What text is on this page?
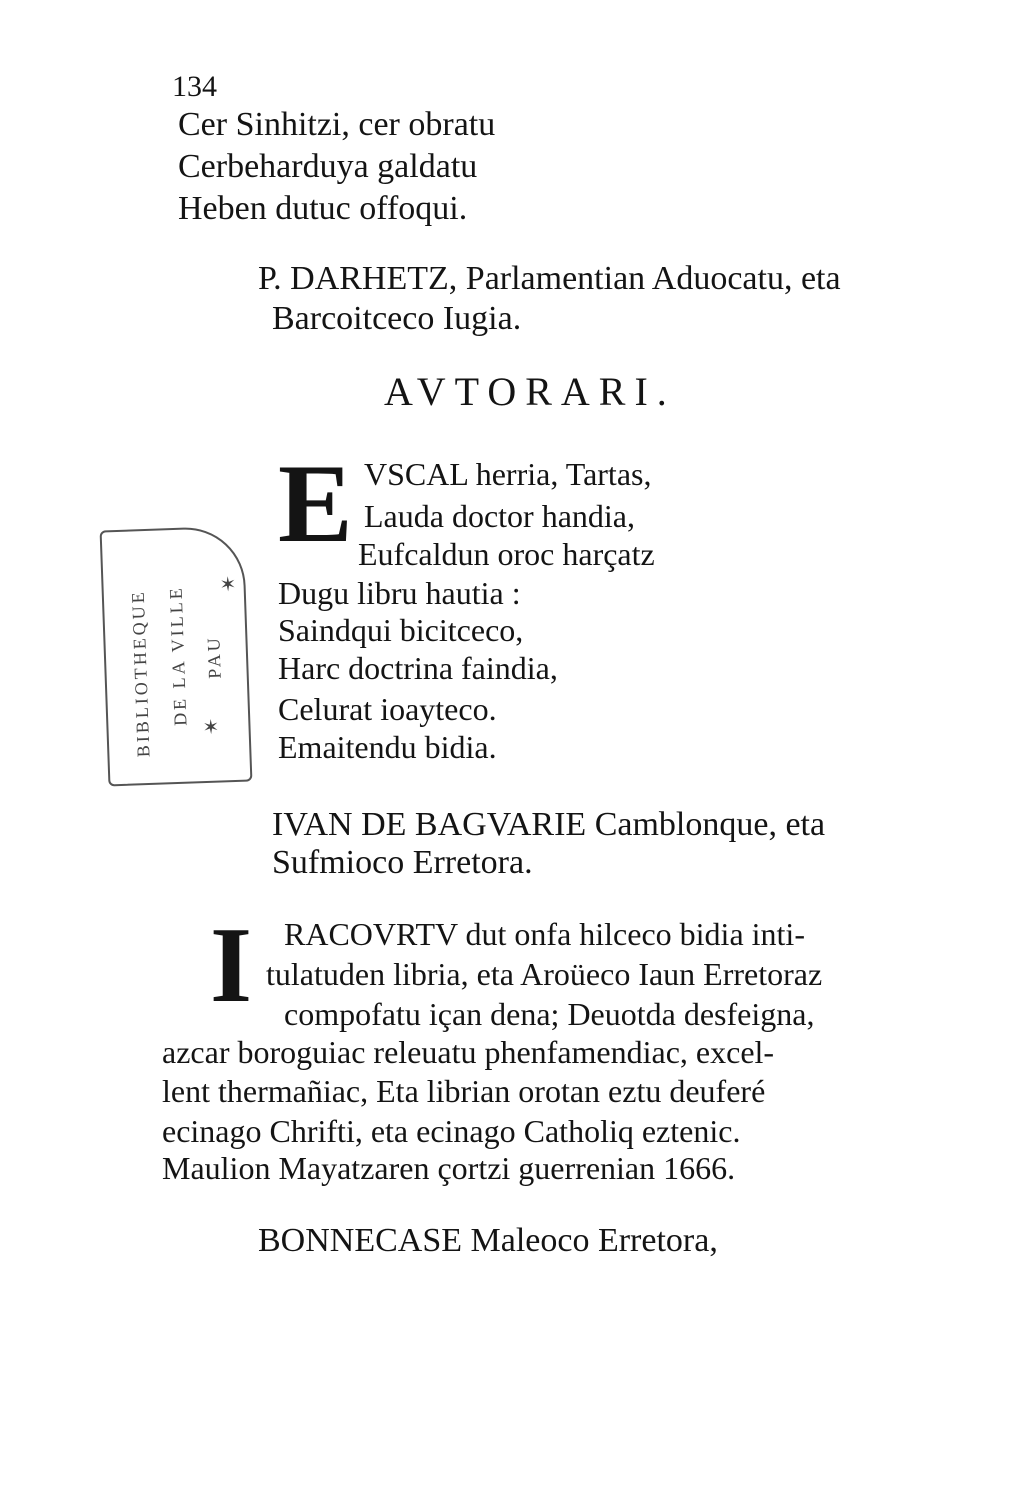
134
Cer Sinhitzi, cer obratu
Cerbeharduya galdatu
Heben dutuc offoqui.
P. DARHETZ, Parlamentian Aduocatu, eta
Barcoitceco Iugia.
AVTORARI.
E VSCAL herria, Tartas,
Lauda doctor handia,
Eufcaldun oroc harçatz
Dugu libru hautia :
Saindqui bicitceco,
Harc doctrina faindia,
Celurat ioayteco.
Emaitendu bidia.
IVAN DE BAGVARIE Camblonque, eta
Sufmioco Erretora.
I RACOVRTV dut onfa hilceco bidia inti-
tulatuden libria, eta Aroüeco Iaun Erretoraz
compofatu içan dena; Deuotda desfeigna,
azcar boroguiac releuatu phenfamendiac, excel-
lent thermañiac, Eta librian orotan eztu deuferé
ecinago Chrifti, eta ecinago Catholiq eztenic.
Maulion Mayatzaren çortzi guerrenian 1666.
BONNECASE Maleoco Erretora,
BIBLIOTHEQUE DE LA VILLE PAU
✶
✶
